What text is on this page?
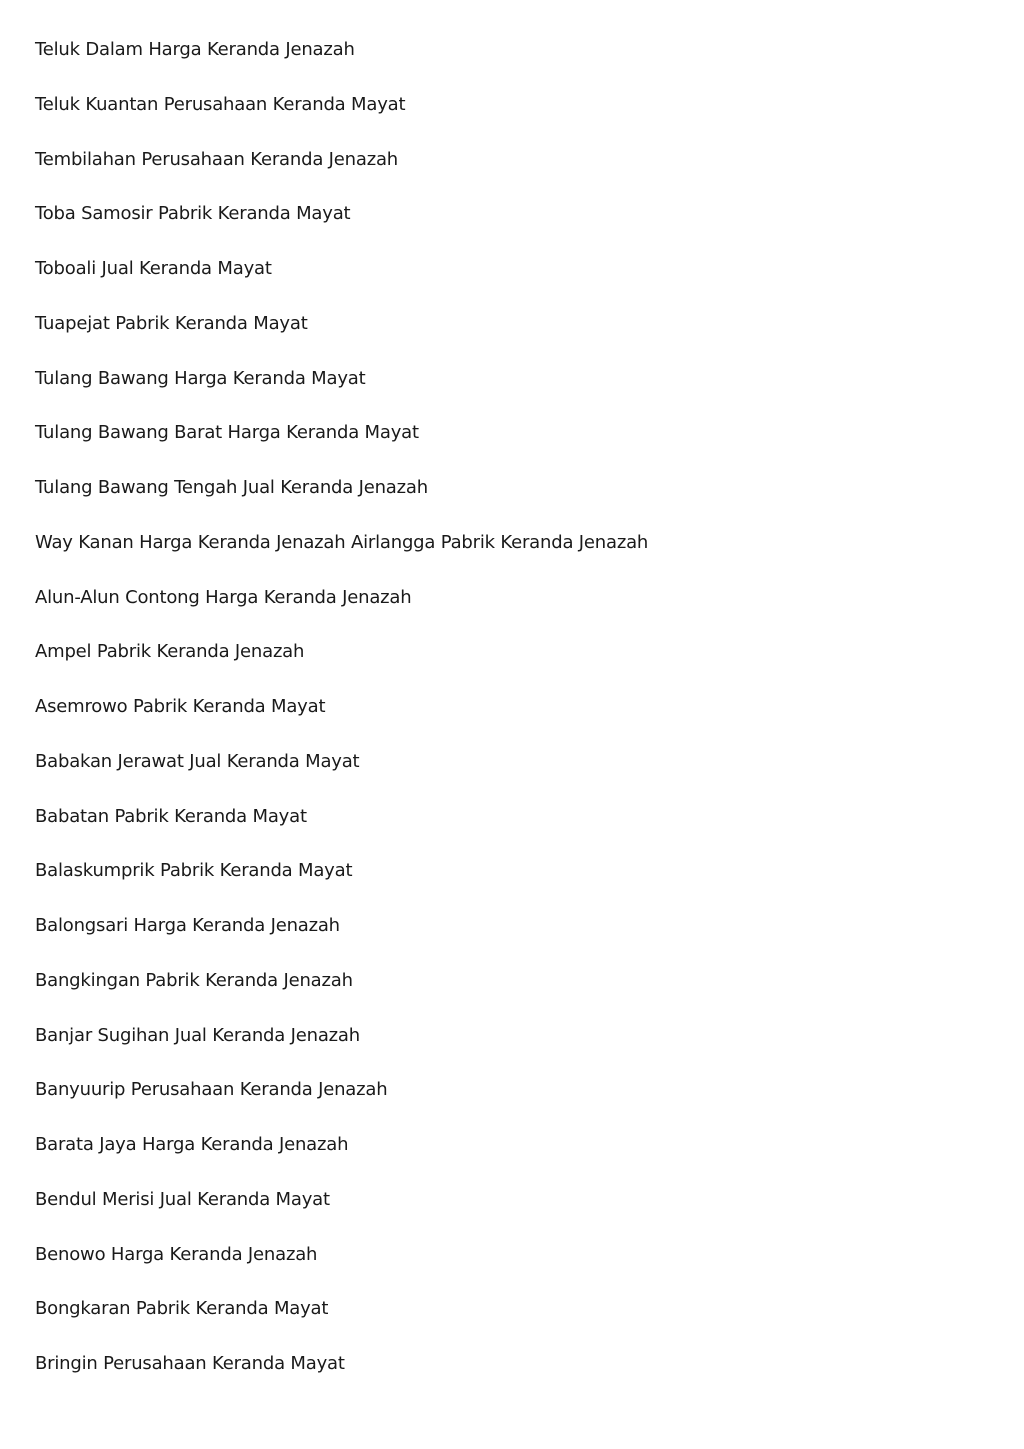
Teluk Dalam Harga Keranda Jenazah
Teluk Kuantan Perusahaan Keranda Mayat
Tembilahan Perusahaan Keranda Jenazah
Toba Samosir Pabrik Keranda Mayat
Toboali Jual Keranda Mayat
Tuapejat Pabrik Keranda Mayat
Tulang Bawang Harga Keranda Mayat
Tulang Bawang Barat Harga Keranda Mayat
Tulang Bawang Tengah Jual Keranda Jenazah
Way Kanan Harga Keranda Jenazah Airlangga Pabrik Keranda Jenazah
Alun-Alun Contong Harga Keranda Jenazah
Ampel Pabrik Keranda Jenazah
Asemrowo Pabrik Keranda Mayat
Babakan Jerawat Jual Keranda Mayat
Babatan Pabrik Keranda Mayat
Balaskumprik Pabrik Keranda Mayat
Balongsari Harga Keranda Jenazah
Bangkingan Pabrik Keranda Jenazah
Banjar Sugihan Jual Keranda Jenazah
Banyuurip Perusahaan Keranda Jenazah
Barata Jaya Harga Keranda Jenazah
Bendul Merisi Jual Keranda Mayat
Benowo Harga Keranda Jenazah
Bongkaran Pabrik Keranda Mayat
Bringin Perusahaan Keranda Mayat
